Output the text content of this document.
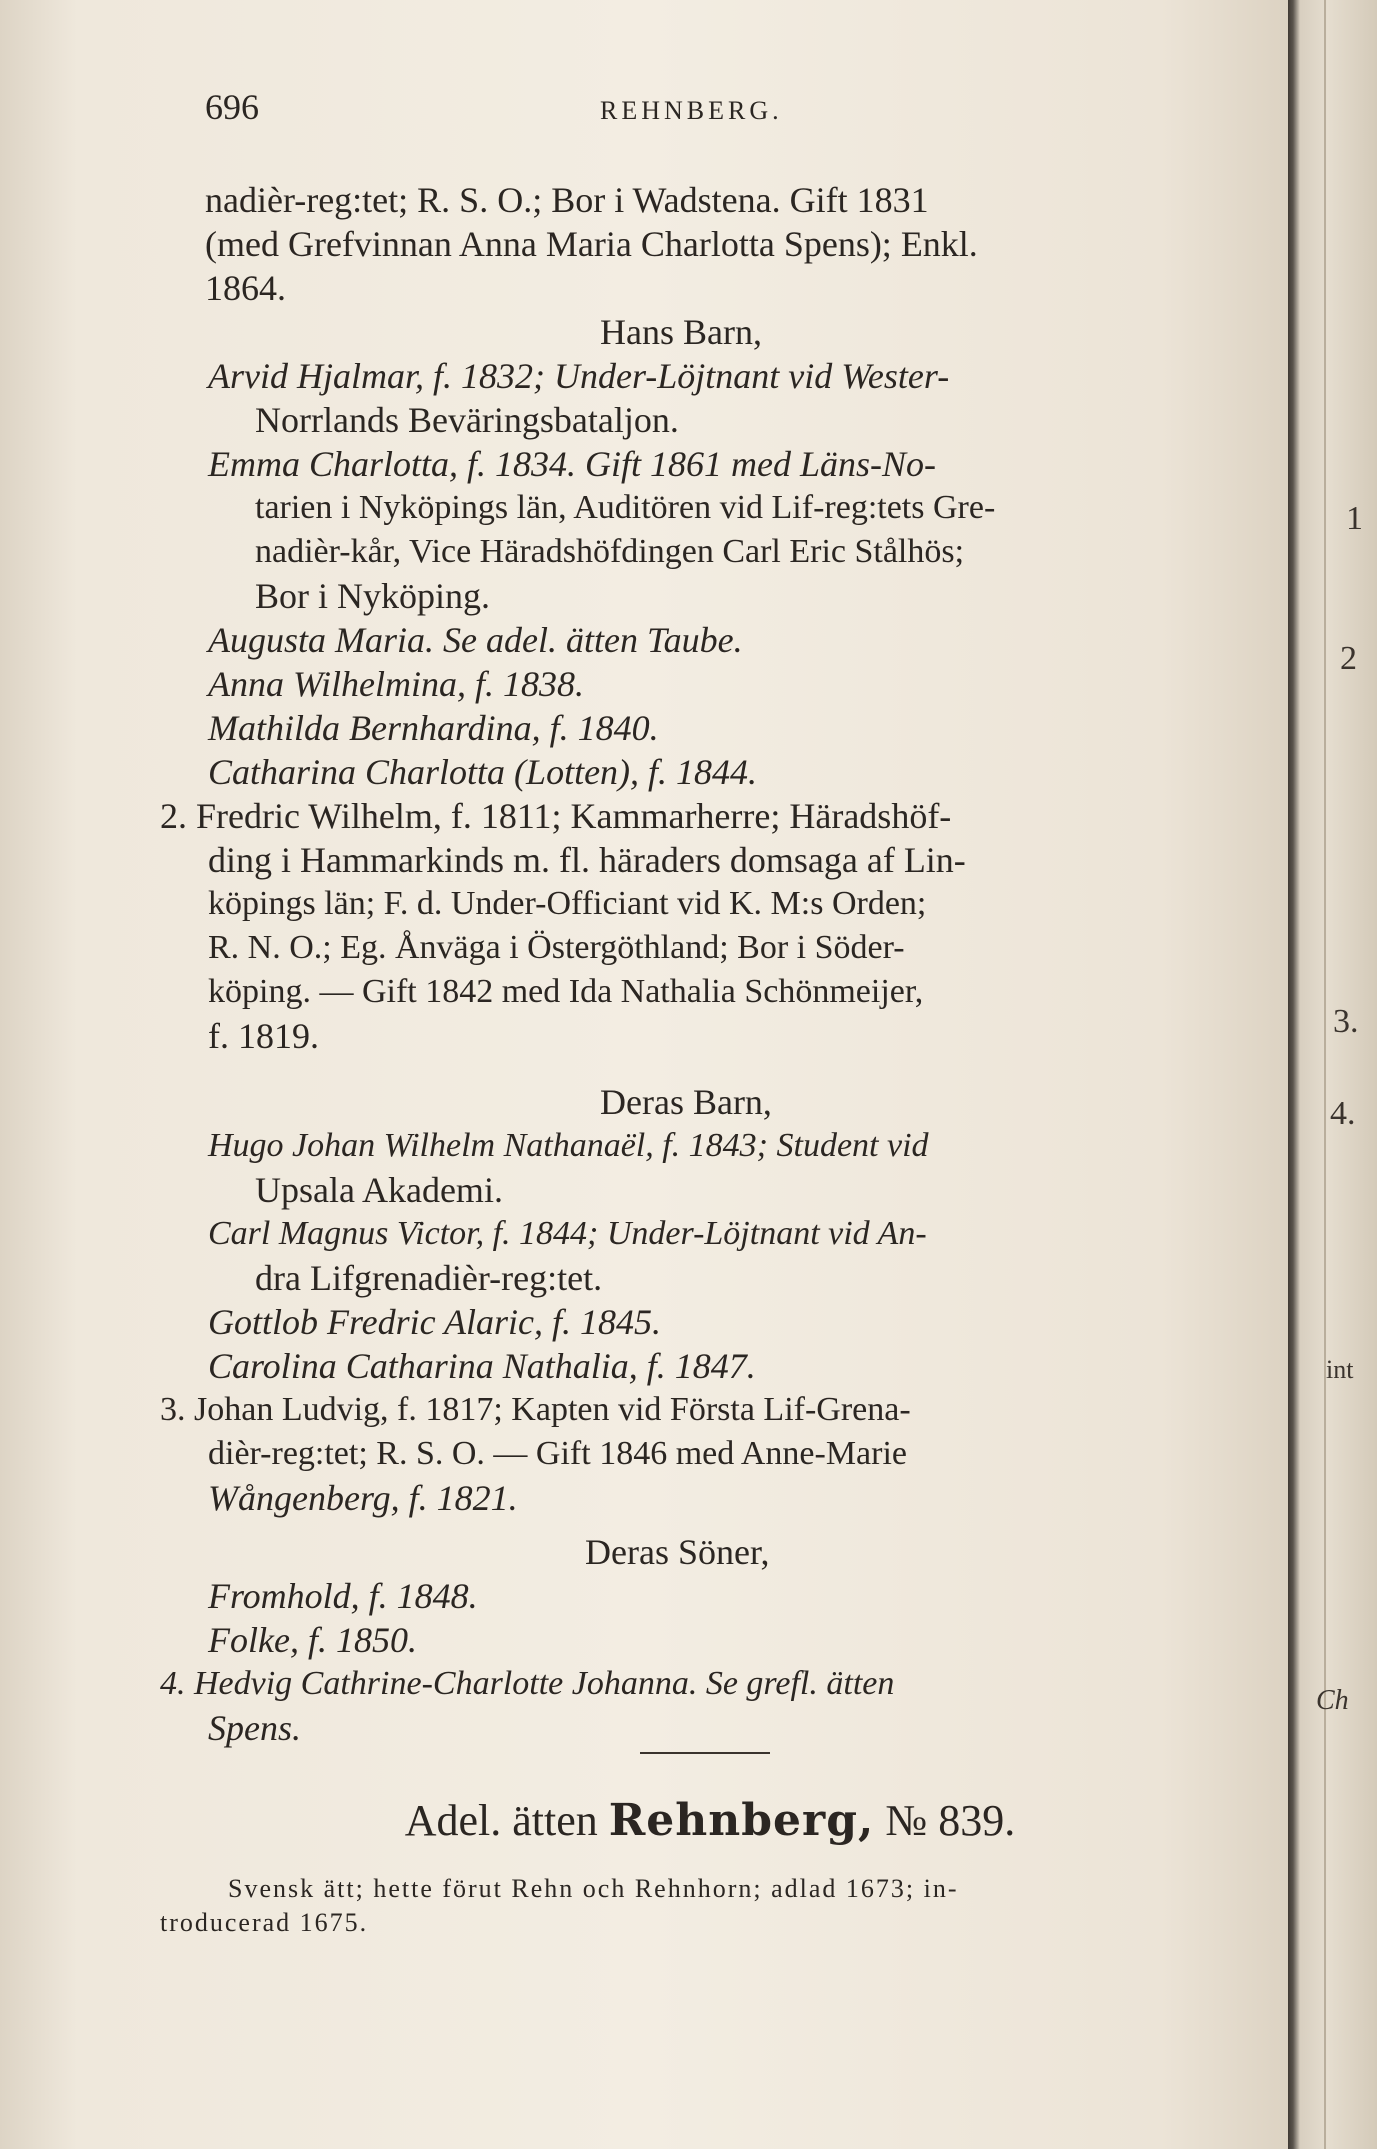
696	REHNBERG.
nadièr-reg:tet; R. S. O.; Bor i Wadstena. Gift 1831
(med Grefvinnan Anna Maria Charlotta Spens); Enkl.
1864.
Hans Barn,
Arvid Hjalmar, f. 1832; Under-Löjtnant vid Wester-
Norrlands Beväringsbataljon.
Emma Charlotta, f. 1834. Gift 1861 med Läns-No-
tarien i Nyköpings län, Auditören vid Lif-reg:tets Gre-
nadièr-kår, Vice Häradshöfdingen Carl Eric Stålhös;
Bor i Nyköping.
Augusta Maria. Se adel. ätten Taube.
Anna Wilhelmina, f. 1838.
Mathilda Bernhardina, f. 1840.
Catharina Charlotta (Lotten), f. 1844.
2. Fredric Wilhelm, f. 1811; Kammarherre; Häradshöf-
ding i Hammarkinds m. fl. häraders domsaga af Lin-
köpings län; F. d. Under-Officiant vid K. M:s Orden;
R. N. O.; Eg. Ånväga i Östergöthland; Bor i Söder-
köping. — Gift 1842 med Ida Nathalia Schönmeijer,
f. 1819.
Deras Barn,
Hugo Johan Wilhelm Nathanaël, f. 1843; Student vid
Upsala Akademi.
Carl Magnus Victor, f. 1844; Under-Löjtnant vid An-
dra Lifgrenadièr-reg:tet.
Gottlob Fredric Alaric, f. 1845.
Carolina Catharina Nathalia, f. 1847.
3. Johan Ludvig, f. 1817; Kapten vid Första Lif-Grena-
dièr-reg:tet; R. S. O. — Gift 1846 med Anne-Marie
Wångenberg, f. 1821.
Deras Söner,
Fromhold, f. 1848.
Folke, f. 1850.
4. Hedvig Cathrine-Charlotte Johanna. Se grefl. ätten
Spens.
Adel. ätten Rehnberg, № 839.
Svensk ätt; hette förut Rehn och Rehnhorn; adlad 1673; in-
troducerad 1675.
1
2
3.
4.
int
Ch
